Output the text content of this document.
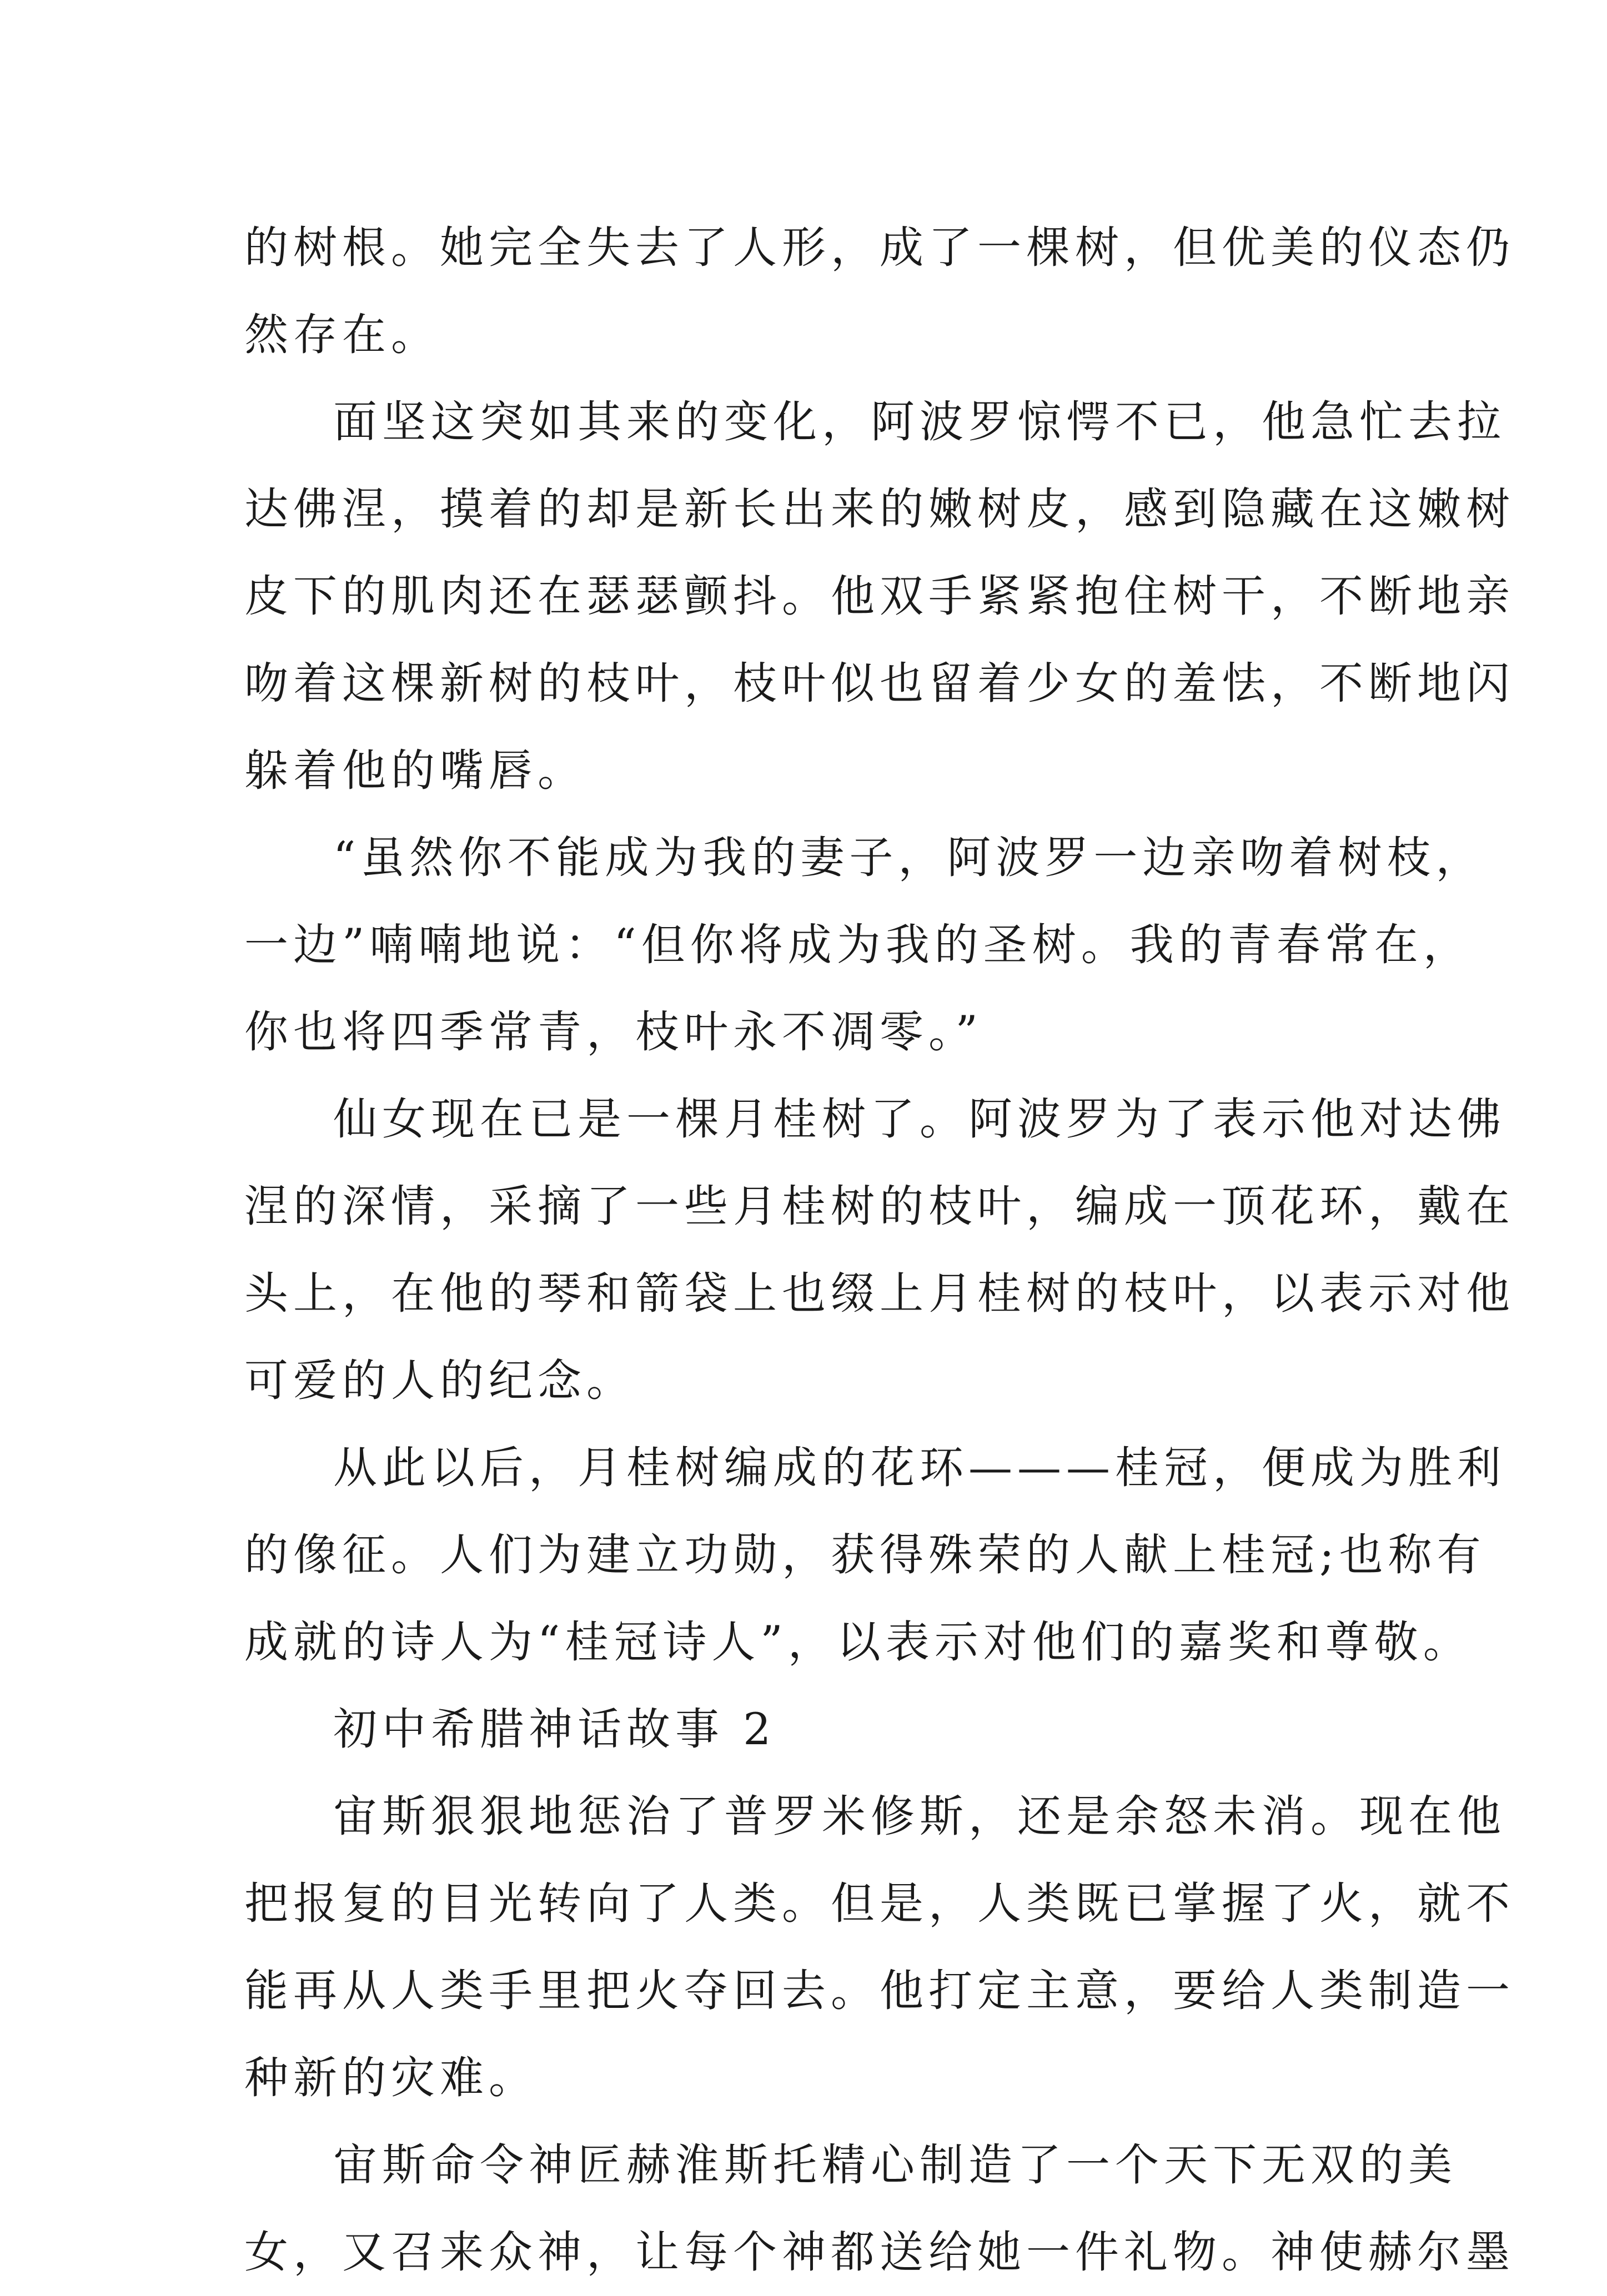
的树根。她完全失去了人形，成了一棵树，但优美的仪态仍
然存在。
面坚这突如其来的变化，阿波罗惊愕不已，他急忙去拉
达佛涅，摸着的却是新长出来的嫩树皮，感到隐藏在这嫩树
皮下的肌肉还在瑟瑟颤抖。他双手紧紧抱住树干，不断地亲
吻着这棵新树的枝叶，枝叶似也留着少女的羞怯，不断地闪
躲着他的嘴唇。
“虽然你不能成为我的妻子，阿波罗一边亲吻着树枝，
一边”喃喃地说：“但你将成为我的圣树。我的青春常在，
你也将四季常青，枝叶永不凋零。”
仙女现在已是一棵月桂树了。阿波罗为了表示他对达佛
涅的深情，采摘了一些月桂树的枝叶，编成一顶花环，戴在
头上，在他的琴和箭袋上也缀上月桂树的枝叶，以表示对他
可爱的人的纪念。
从此以后，月桂树编成的花环———桂冠，便成为胜利
的像征。人们为建立功勋，获得殊荣的人献上桂冠;也称有
成就的诗人为“桂冠诗人”，以表示对他们的嘉奖和尊敬。
初中希腊神话故事 2
宙斯狠狠地惩治了普罗米修斯，还是余怒未消。现在他
把报复的目光转向了人类。但是，人类既已掌握了火，就不
能再从人类手里把火夺回去。他打定主意，要给人类制造一
种新的灾难。
宙斯命令神匠赫淮斯托精心制造了一个天下无双的美
女，又召来众神，让每个神都送给她一件礼物。神使赫尔墨
